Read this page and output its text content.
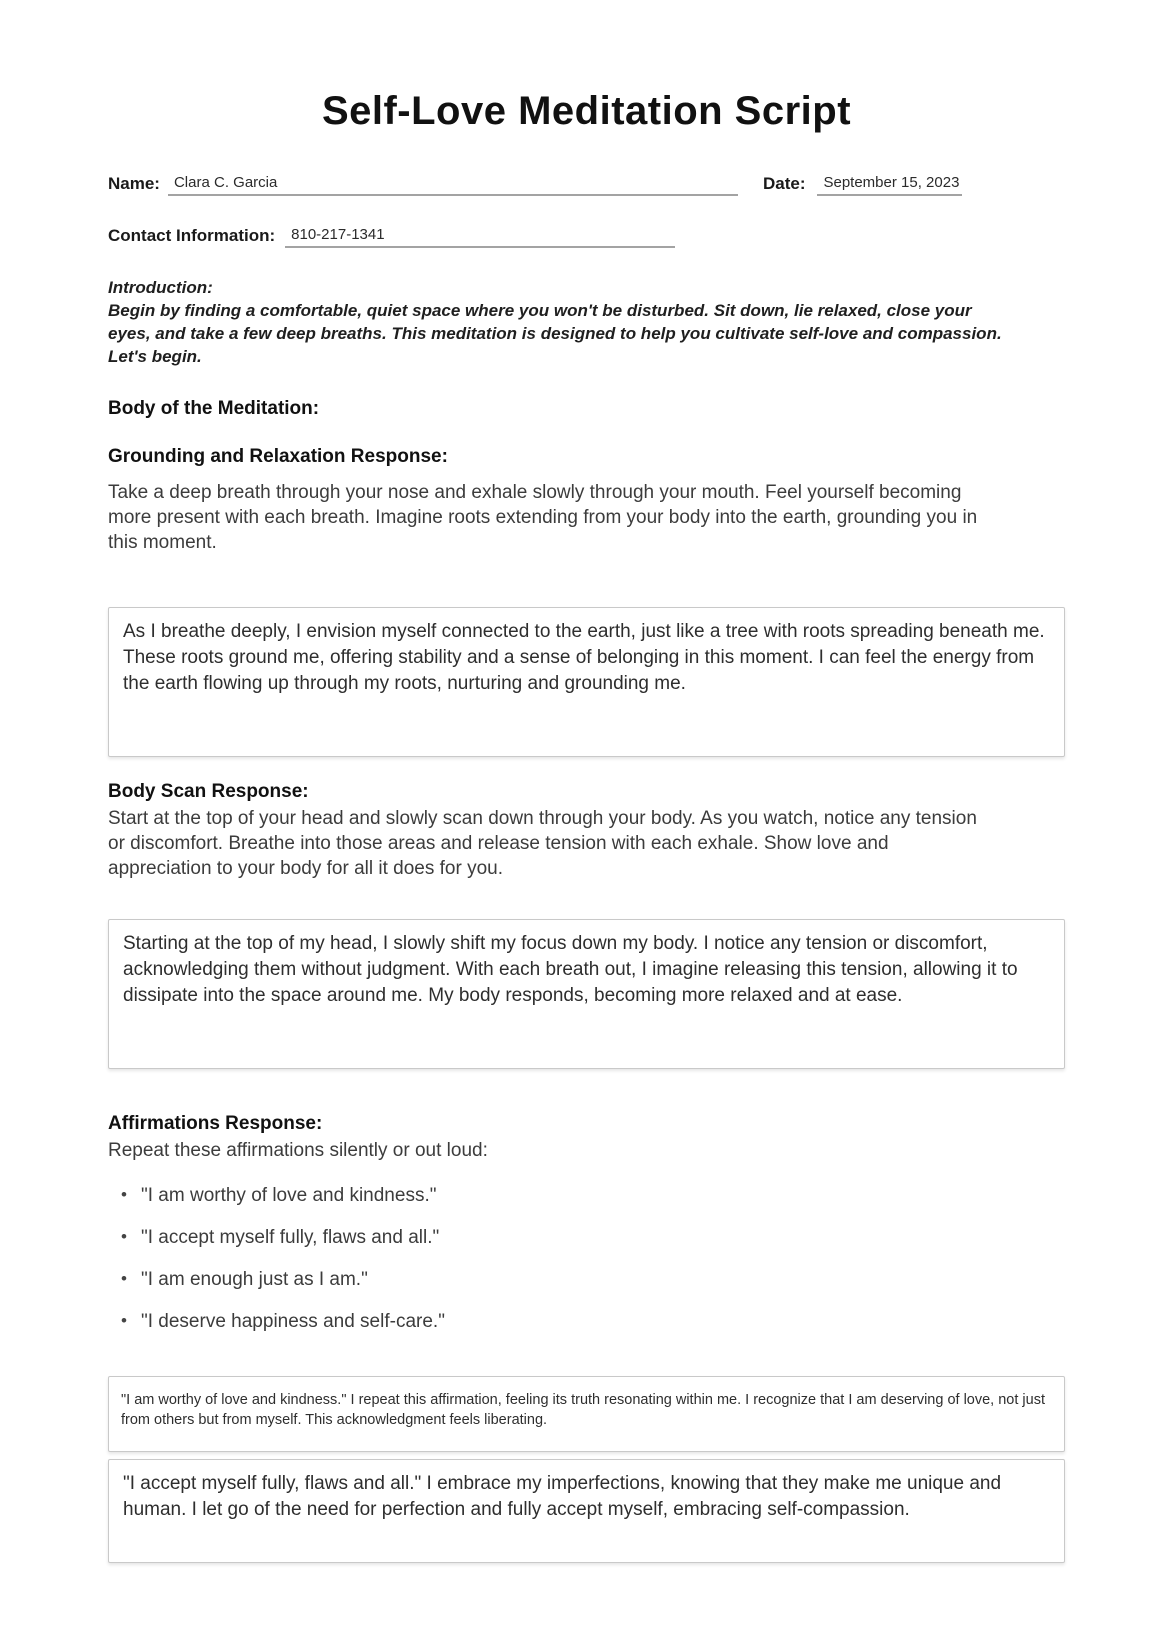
Self-Love Meditation Script
Name: Clara C. Garcia	Date:	September 15, 2023
Contact Information:	810-217-1341
Introduction:
Begin by finding a comfortable, quiet space where you won't be disturbed. Sit down, lie relaxed, close your eyes, and take a few deep breaths. This meditation is designed to help you cultivate self-love and compassion. Let's begin.
Body of the Meditation:
Grounding and Relaxation Response:

Take a deep breath through your nose and exhale slowly through your mouth. Feel yourself becoming more present with each breath. Imagine roots extending from your body into the earth, grounding you in this moment.

As I breathe deeply, I envision myself connected to the earth, just like a tree with roots spreading beneath me. These roots ground me, offering stability and a sense of belonging in this moment. I can feel the energy from the earth flowing up through my roots, nurturing and grounding me.
Body Scan Response:

Start at the top of your head and slowly scan down through your body. As you watch, notice any tension or discomfort. Breathe into those areas and release tension with each exhale. Show love and appreciation to your body for all it does for you.

Starting at the top of my head, I slowly shift my focus down my body. I notice any tension or discomfort, acknowledging them without judgment. With each breath out, I imagine releasing this tension, allowing it to dissipate into the space around me. My body responds, becoming more relaxed and at ease.
Affirmations Response:

Repeat these affirmations silently or out loud:

• "I am worthy of love and kindness."
• "I accept myself fully, flaws and all."
• "I am enough just as I am."
• "I deserve happiness and self-care."
"I am worthy of love and kindness." I repeat this affirmation, feeling its truth resonating within me. I recognize that I am deserving of love, not just from others but from myself. This acknowledgment feels liberating.
"I accept myself fully, flaws and all." I embrace my imperfections, knowing that they make me unique and human. I let go of the need for perfection and fully accept myself, embracing self-compassion.
